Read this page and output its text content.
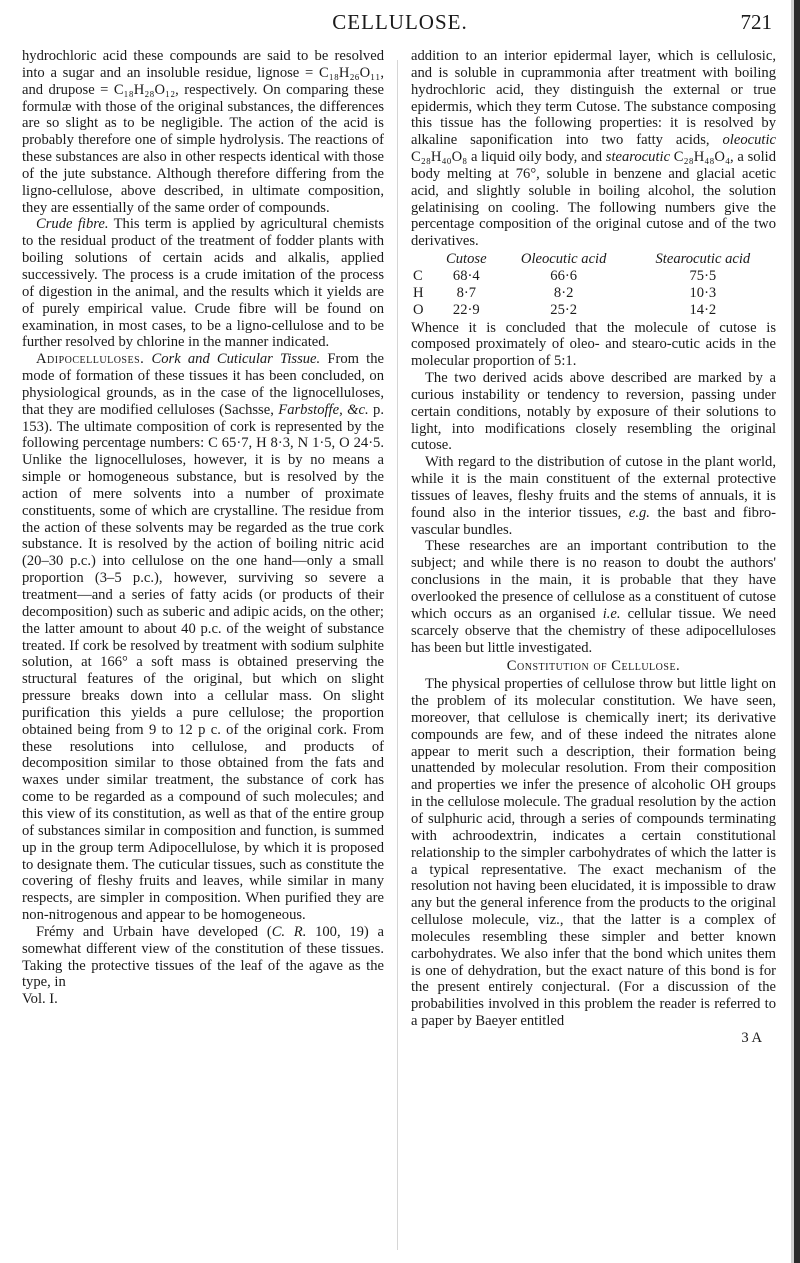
CELLULOSE.	721

hydrochloric acid these compounds are said to be resolved into a sugar and an insoluble residue, lignose = C₁₈H₂₆O₁₁, and drupose = C₁₈H₂₈O₁₂, respectively. On comparing these formulæ with those of the original substances, the differences are so slight as to be negligible. The action of the acid is probably therefore one of simple hydrolysis. The reactions of these substances are also in other respects identical with those of the jute substance. Although therefore differing from the ligno-cellulose, above described, in ultimate composition, they are essentially of the same order of compounds.

Crude fibre. This term is applied by agricultural chemists to the residual product of the treatment of fodder plants with boiling solutions of certain acids and alkalis, applied successively. The process is a crude imitation of the process of digestion in the animal, and the results which it yields are of purely empirical value. Crude fibre will be found on examination, in most cases, to be a ligno-cellulose and to be further resolved by chlorine in the manner indicated.

Adipocelluloses. Cork and Cuticular Tissue. From the mode of formation of these tissues it has been concluded, on physiological grounds, as in the case of the lignocelluloses, that they are modified celluloses (Sachsse, Farbstoffe, &c. p. 153). The ultimate composition of cork is represented by the following percentage numbers: C 65·7, H 8·3, N 1·5, O 24·5. Unlike the lignocelluloses, however, it is by no means a simple or homogeneous substance, but is resolved by the action of mere solvents into a number of proximate constituents, some of which are crystalline. The residue from the action of these solvents may be regarded as the true cork substance. It is resolved by the action of boiling nitric acid (20–30 p.c.) into cellulose on the one hand—only a small proportion (3–5 p.c.), however, surviving so severe a treatment—and a series of fatty acids (or products of their decomposition) such as suberic and adipic acids, on the other; the latter amount to about 40 p.c. of the weight of substance treated. If cork be resolved by treatment with sodium sulphite solution, at 166° a soft mass is obtained preserving the structural features of the original, but which on slight pressure breaks down into a cellular mass. On slight purification this yields a pure cellulose; the proportion obtained being from 9 to 12 p c. of the original cork. From these resolutions into cellulose, and products of decomposition similar to those obtained from the fats and waxes under similar treatment, the substance of cork has come to be regarded as a compound of such molecules; and this view of its constitution, as well as that of the entire group of substances similar in composition and function, is summed up in the group term Adipocellulose, by which it is proposed to designate them. The cuticular tissues, such as constitute the covering of fleshy fruits and leaves, while similar in many respects, are simpler in composition. When purified they are non-nitrogenous and appear to be homogeneous.

Frémy and Urbain have developed (C. R. 100, 19) a somewhat different view of the constitution of these tissues. Taking the protective tissues of the leaf of the agave as the type, in

Vol. I.

addition to an interior epidermal layer, which is cellulosic, and is soluble in cuprammonia after treatment with boiling hydrochloric acid, they distinguish the external or true epidermis, which they term Cutose. The substance composing this tissue has the following properties: it is resolved by alkaline saponification into two fatty acids, oleocutic C₂₈H₄₀O₈ a liquid oily body, and stearocutic C₂₈H₄₈O₄, a solid body melting at 76°, soluble in benzene and glacial acetic acid, and slightly soluble in boiling alcohol, the solution gelatinising on cooling. The following numbers give the percentage composition of the original cutose and of the two derivatives.

	Cutose	Oleocutic acid	Stearocutic acid
C	68·4	66·6	75·5
H	8·7	8·2	10·3
O	22·9	25·2	14·2

Whence it is concluded that the molecule of cutose is composed proximately of oleo- and stearo-cutic acids in the molecular proportion of 5:1.

The two derived acids above described are marked by a curious instability or tendency to reversion, passing under certain conditions, notably by exposure of their solutions to light, into modifications closely resembling the original cutose.

With regard to the distribution of cutose in the plant world, while it is the main constituent of the external protective tissues of leaves, fleshy fruits and the stems of annuals, it is found also in the interior tissues, e.g. the bast and fibro-vascular bundles.

These researches are an important contribution to the subject; and while there is no reason to doubt the authors' conclusions in the main, it is probable that they have overlooked the presence of cellulose as a constituent of cutose which occurs as an organised i.e. cellular tissue. We need scarcely observe that the chemistry of these adipocelluloses has been but little investigated.

Constitution of Cellulose.

The physical properties of cellulose throw but little light on the problem of its molecular constitution. We have seen, moreover, that cellulose is chemically inert; its derivative compounds are few, and of these indeed the nitrates alone appear to merit such a description, their formation being unattended by molecular resolution. From their composition and properties we infer the presence of alcoholic OH groups in the cellulose molecule. The gradual resolution by the action of sulphuric acid, through a series of compounds terminating with achroodextrin, indicates a certain constitutional relationship to the simpler carbohydrates of which the latter is a typical representative. The exact mechanism of the resolution not having been elucidated, it is impossible to draw any but the general inference from the products to the original cellulose molecule, viz., that the latter is a complex of molecules resembling these simpler and better known carbohydrates. We also infer that the bond which unites them is one of dehydration, but the exact nature of this bond is for the present entirely conjectural. (For a discussion of the probabilities involved in this problem the reader is referred to a paper by Baeyer entitled

3 A
